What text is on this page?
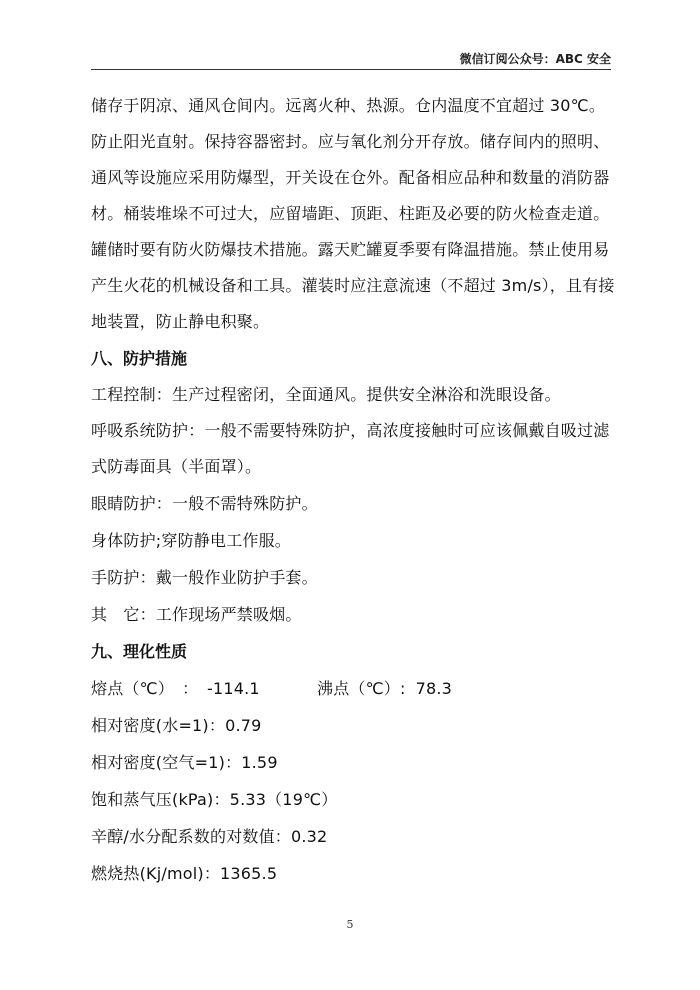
微信订阅公众号：ABC 安全

储存于阴凉、通风仓间内。远离火种、热源。仓内温度不宜超过 30℃。防止阳光直射。保持容器密封。应与氧化剂分开存放。储存间内的照明、通风等设施应采用防爆型，开关设在仓外。配备相应品种和数量的消防器材。桶装堆垛不可过大，应留墙距、顶距、柱距及必要的防火检查走道。罐储时要有防火防爆技术措施。露天贮罐夏季要有降温措施。禁止使用易产生火花的机械设备和工具。灌装时应注意流速（不超过 3m/s），且有接地装置，防止静电积聚。

八、防护措施

工程控制：生产过程密闭，全面通风。提供安全淋浴和洗眼设备。

呼吸系统防护：一般不需要特殊防护，高浓度接触时可应该佩戴自吸过滤式防毒面具（半面罩）。

眼睛防护：一般不需特殊防护。

身体防护;穿防静电工作服。

手防护：戴一般作业防护手套。

其　它：工作现场严禁吸烟。

九、理化性质

熔点（℃）　： -114.1	沸点（℃）: 78.3

相对密度(水=1)：0.79

相对密度(空气=1)：1.59

饱和蒸气压(kPa)：5.33（19℃）

辛醇/水分配系数的对数值：0.32

燃烧热(Kj/mol)：1365.5

5
